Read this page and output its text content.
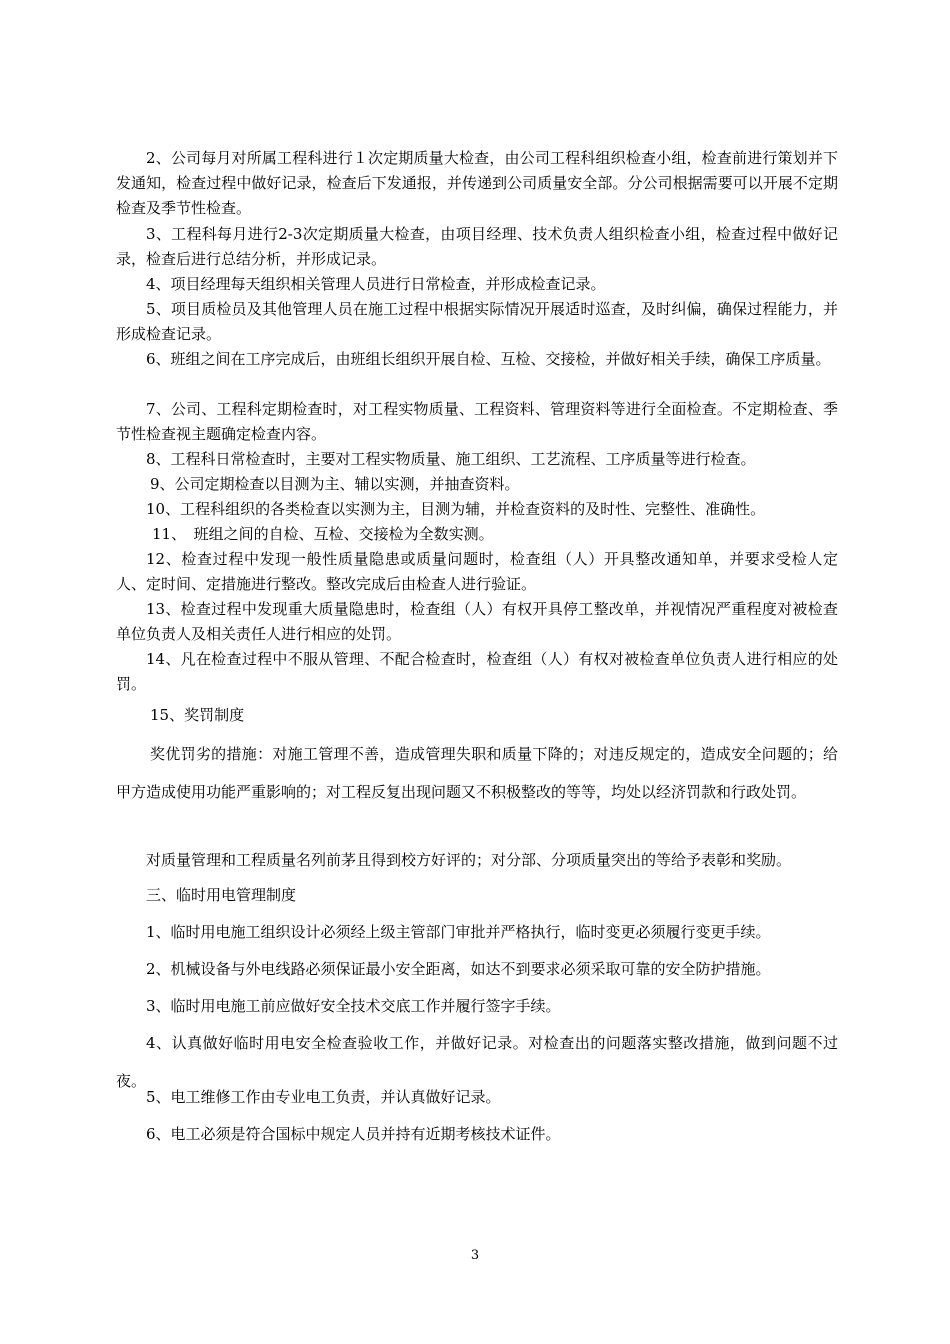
2、公司每月对所属工程科进行１次定期质量大检查，由公司工程科组织检查小组，检查前进行策划并下发通知，检查过程中做好记录，检查后下发通报，并传递到公司质量安全部。分公司根据需要可以开展不定期检查及季节性检查。

3、工程科每月进行2-3次定期质量大检查，由项目经理、技术负责人组织检查小组，检查过程中做好记录，检查后进行总结分析，并形成记录。

4、项目经理每天组织相关管理人员进行日常检查，并形成检查记录。

5、项目质检员及其他管理人员在施工过程中根据实际情况开展适时巡查，及时纠偏，确保过程能力，并形成检查记录。

6、班组之间在工序完成后，由班组长组织开展自检、互检、交接检，并做好相关手续，确保工序质量。

7、公司、工程科定期检查时，对工程实物质量、工程资料、管理资料等进行全面检查。不定期检查、季节性检查视主题确定检查内容。

8、工程科日常检查时，主要对工程实物质量、施工组织、工艺流程、工序质量等进行检查。

9、公司定期检查以目测为主、辅以实测，并抽查资料。

10、工程科组织的各类检查以实测为主，目测为辅，并检查资料的及时性、完整性、准确性。

11、　班组之间的自检、互检、交接检为全数实测。

12、检查过程中发现一般性质量隐患或质量问题时，检查组（人）开具整改通知单，并要求受检人定人、定时间、定措施进行整改。整改完成后由检查人进行验证。

13、检查过程中发现重大质量隐患时，检查组（人）有权开具停工整改单，并视情况严重程度对被检查单位负责人及相关责任人进行相应的处罚。

14、凡在检查过程中不服从管理、不配合检查时，检查组（人）有权对被检查单位负责人进行相应的处罚。

15、奖罚制度

奖优罚劣的措施：对施工管理不善，造成管理失职和质量下降的；对违反规定的，造成安全问题的；给甲方造成使用功能严重影响的；对工程反复出现问题又不积极整改的等等，均处以经济罚款和行政处罚。

对质量管理和工程质量名列前茅且得到校方好评的；对分部、分项质量突出的等给予表彰和奖励。

三、临时用电管理制度

1、临时用电施工组织设计必须经上级主管部门审批并严格执行，临时变更必须履行变更手续。

2、机械设备与外电线路必须保证最小安全距离，如达不到要求必须采取可靠的安全防护措施。

3、临时用电施工前应做好安全技术交底工作并履行签字手续。

4、认真做好临时用电安全检查验收工作，并做好记录。对检查出的问题落实整改措施，做到问题不过夜。

5、电工维修工作由专业电工负责，并认真做好记录。

6、电工必须是符合国标中规定人员并持有近期考核技术证件。

3
